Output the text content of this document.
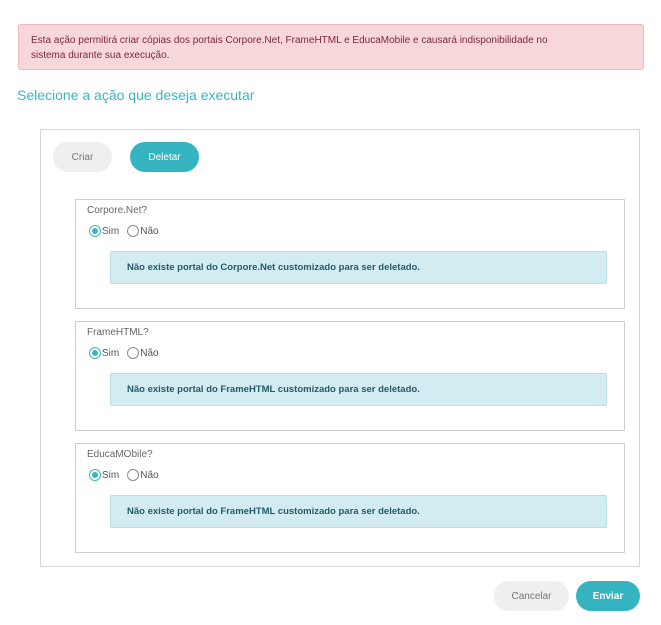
Esta ação permitirá criar cópias dos portais Corpore.Net, FrameHTML e EducaMobile e causará indisponibilidade no
sistema durante sua execução.
Selecione a ação que deseja executar
Criar	Deletar
Corpore.Net?
Sim Não
Não existe portal do Corpore.Net customizado para ser deletado.
FrameHTML?
Sim Não
Não existe portal do FrameHTML customizado para ser deletado.
EducaMObile?
Sim Não
Não existe portal do FrameHTML customizado para ser deletado.
Cancelar	Enviar
